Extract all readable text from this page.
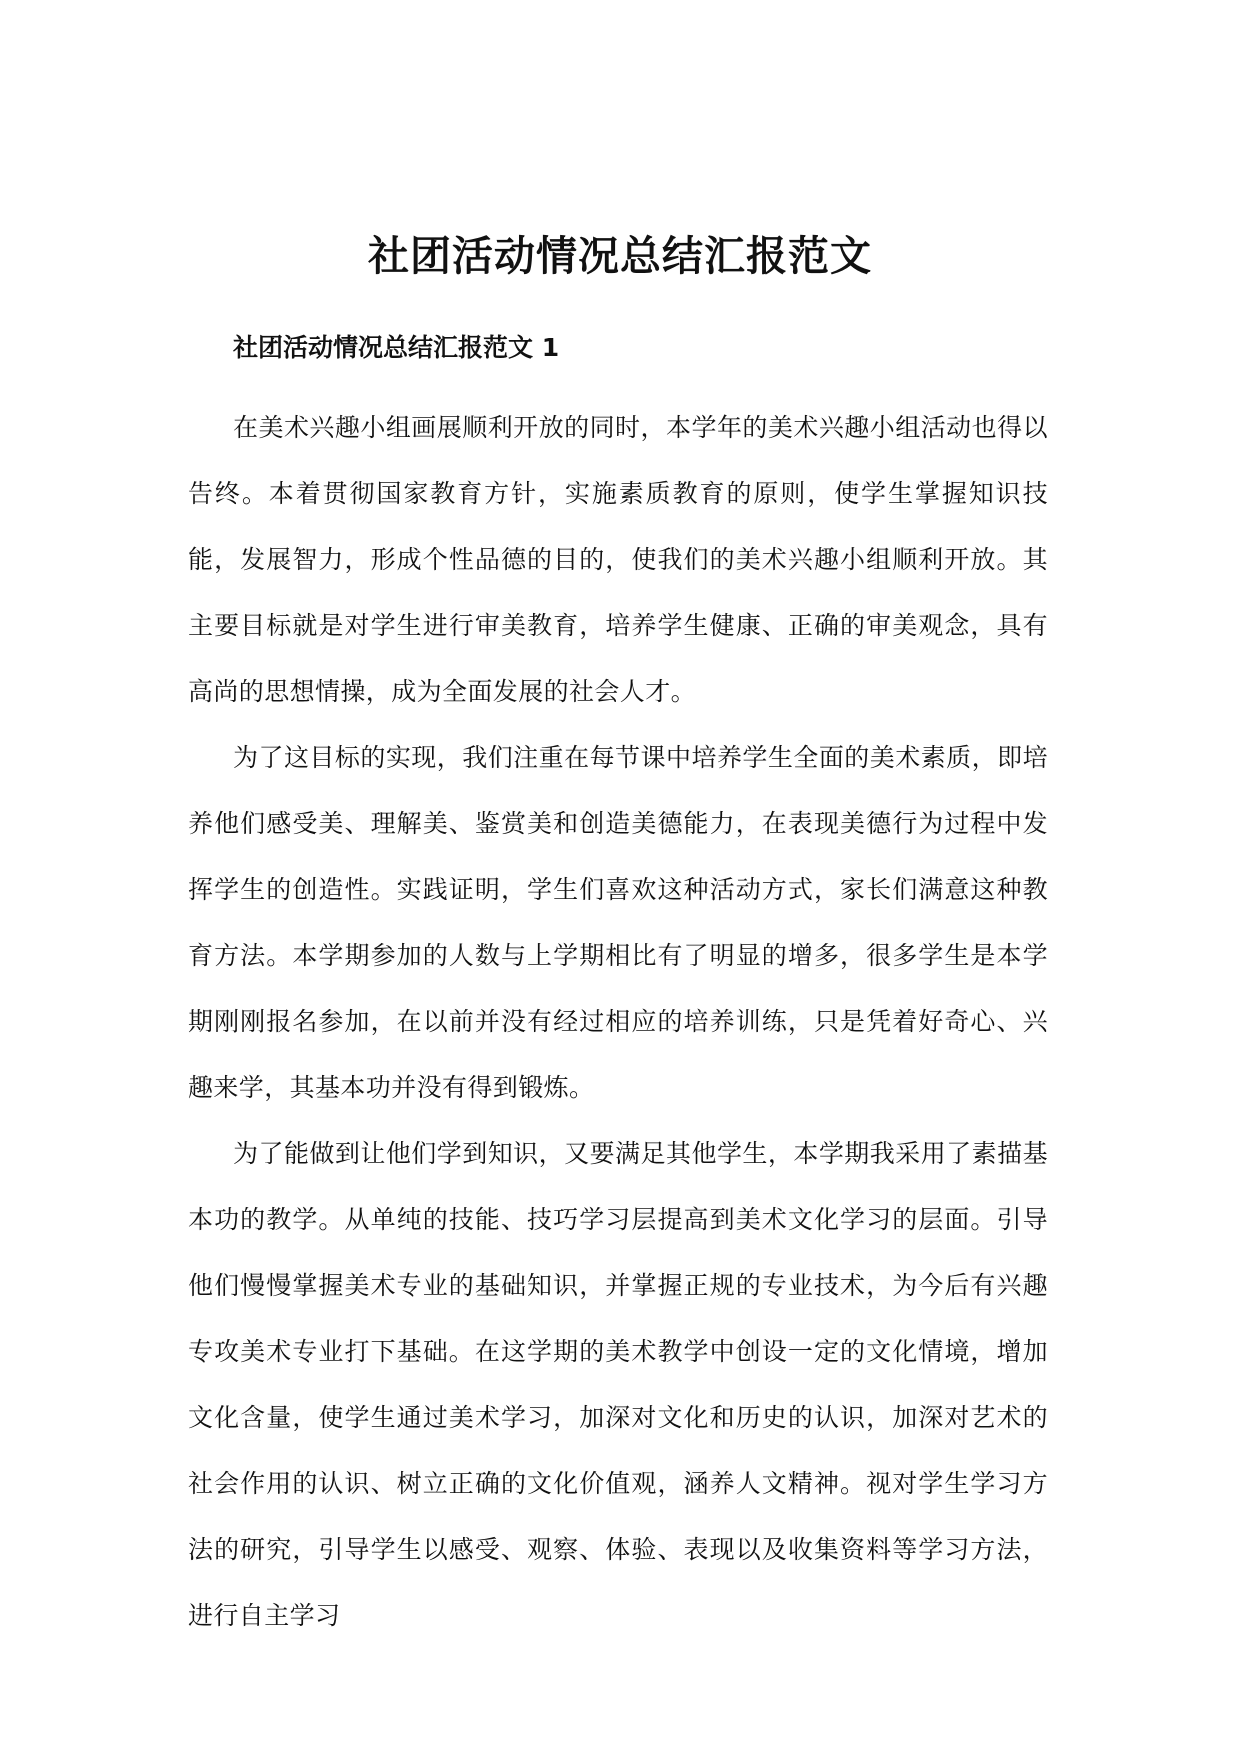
社团活动情况总结汇报范文
社团活动情况总结汇报范文 1

在美术兴趣小组画展顺利开放的同时，本学年的美术兴趣小组活动也得以告终。本着贯彻国家教育方针，实施素质教育的原则，使学生掌握知识技能，发展智力，形成个性品德的目的，使我们的美术兴趣小组顺利开放。其主要目标就是对学生进行审美教育，培养学生健康、正确的审美观念，具有高尚的思想情操，成为全面发展的社会人才。

为了这目标的实现，我们注重在每节课中培养学生全面的美术素质，即培养他们感受美、理解美、鉴赏美和创造美德能力，在表现美德行为过程中发挥学生的创造性。实践证明，学生们喜欢这种活动方式，家长们满意这种教育方法。本学期参加的人数与上学期相比有了明显的增多，很多学生是本学期刚刚报名参加，在以前并没有经过相应的培养训练，只是凭着好奇心、兴趣来学，其基本功并没有得到锻炼。

为了能做到让他们学到知识，又要满足其他学生，本学期我采用了素描基本功的教学。从单纯的技能、技巧学习层提高到美术文化学习的层面。引导他们慢慢掌握美术专业的基础知识，并掌握正规的专业技术，为今后有兴趣专攻美术专业打下基础。在这学期的美术教学中创设一定的文化情境，增加文化含量，使学生通过美术学习，加深对文化和历史的认识，加深对艺术的社会作用的认识、树立正确的文化价值观，涵养人文精神。视对学生学习方法的研究，引导学生以感受、观察、体验、表现以及收集资料等学习方法，进行自主学习
